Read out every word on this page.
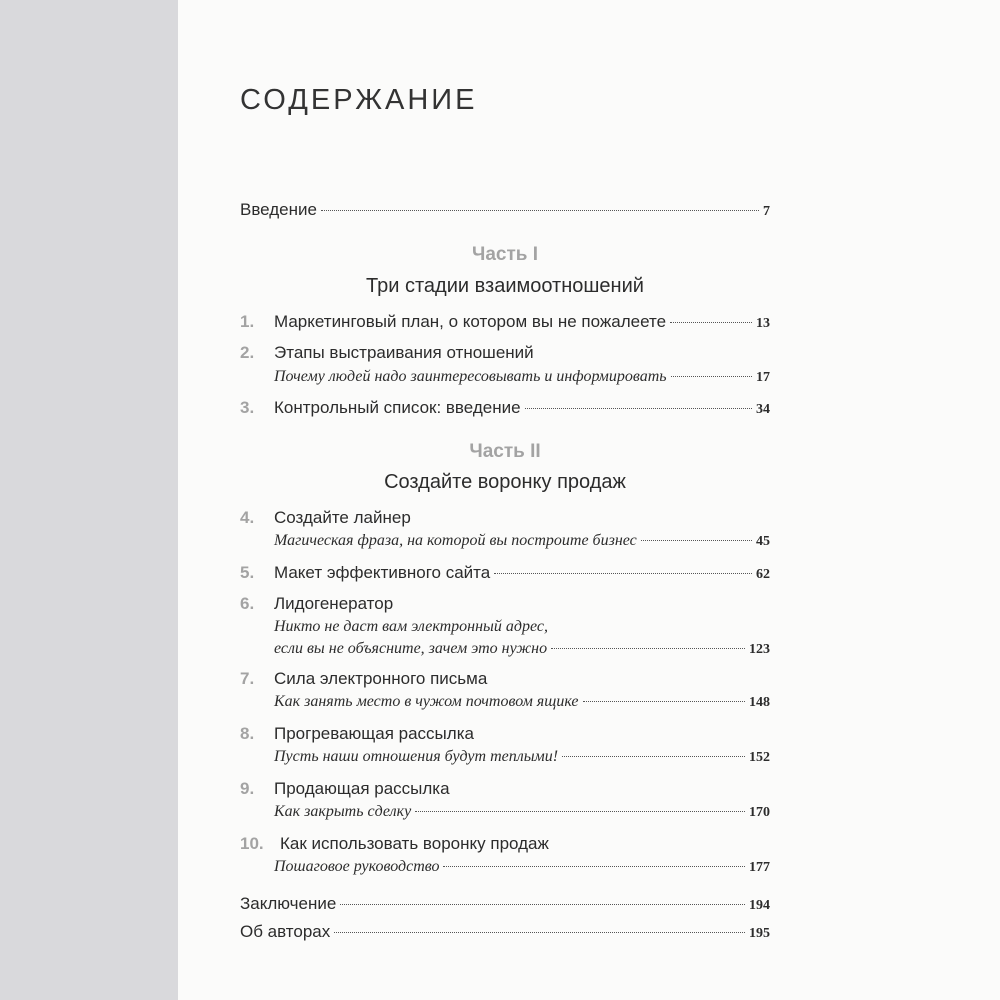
СОДЕРЖАНИЕ
Введение	7
Часть I
Три стадии взаимоотношений
1. Маркетинговый план, о котором вы не пожалеете	13
2. Этапы выстраивания отношений
Почему людей надо заинтересовывать и информировать	17
3. Контрольный список: введение	34
Часть II
Создайте воронку продаж
4. Создайте лайнер
Магическая фраза, на которой вы построите бизнес	45
5. Макет эффективного сайта	62
6. Лидогенератор
Никто не даст вам электронный адрес,
если вы не объясните, зачем это нужно	123
7. Сила электронного письма
Как занять место в чужом почтовом ящике	148
8. Прогревающая рассылка
Пусть наши отношения будут теплыми!	152
9. Продающая рассылка
Как закрыть сделку	170
10. Как использовать воронку продаж
Пошаговое руководство	177
Заключение	194
Об авторах	195
